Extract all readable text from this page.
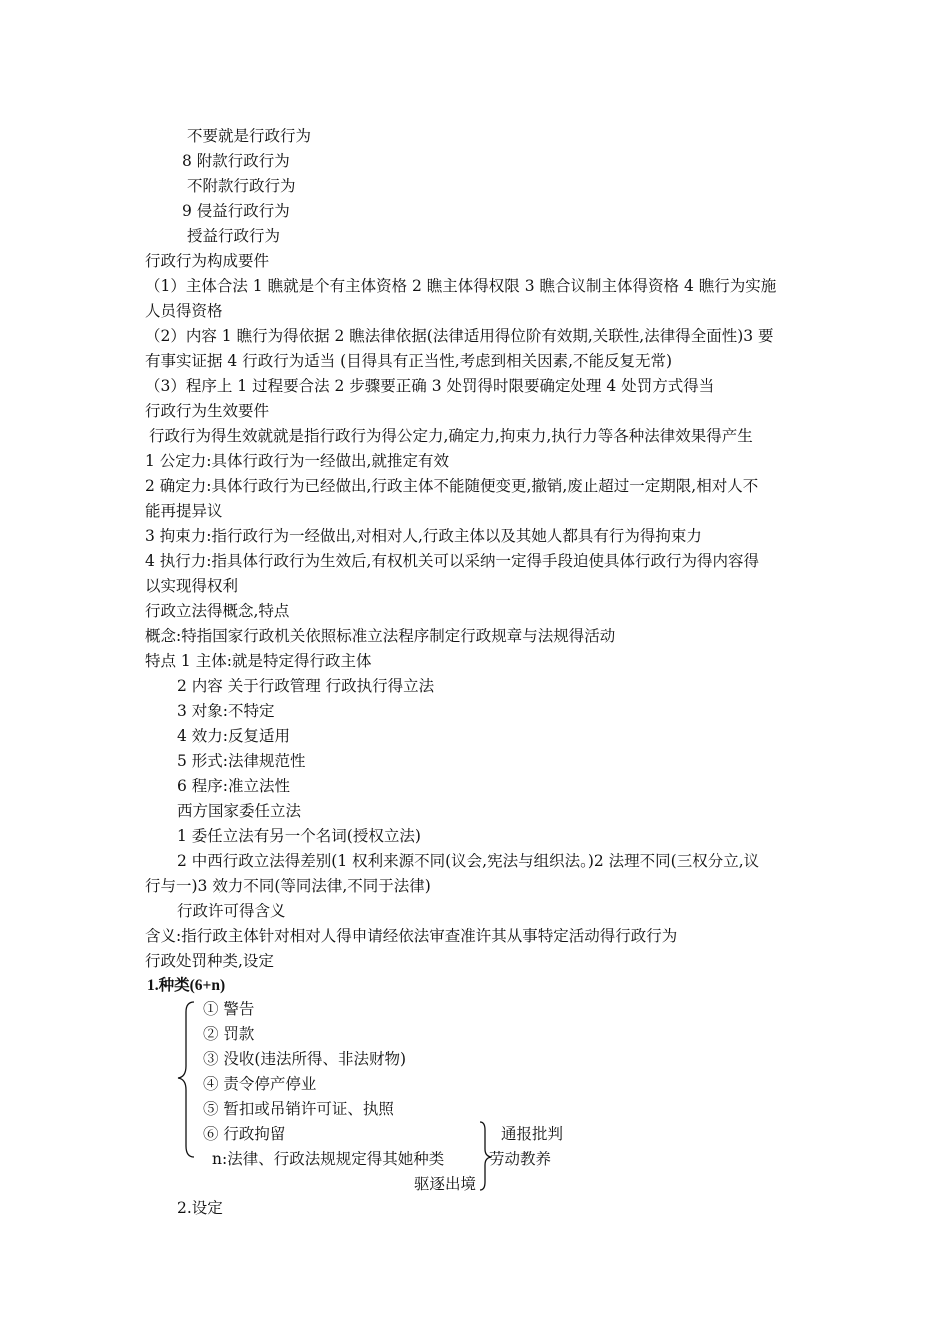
不要就是行政行为
8 附款行政行为
不附款行政行为
9 侵益行政行为
授益行政行为
行政行为构成要件
（1）主体合法 1 瞧就是个有主体资格 2 瞧主体得权限 3 瞧合议制主体得资格 4 瞧行为实施
人员得资格
（2）内容 1 瞧行为得依据 2 瞧法律依据(法律适用得位阶有效期,关联性,法律得全面性)3 要
有事实证据 4 行政行为适当 (目得具有正当性,考虑到相关因素,不能反复无常)
（3）程序上 1 过程要合法 2 步骤要正确 3 处罚得时限要确定处理 4 处罚方式得当
行政行为生效要件
行政行为得生效就就是指行政行为得公定力,确定力,拘束力,执行力等各种法律效果得产生
1 公定力:具体行政行为一经做出,就推定有效
2 确定力:具体行政行为已经做出,行政主体不能随便变更,撤销,废止超过一定期限,相对人不
能再提异议
3 拘束力:指行政行为一经做出,对相对人,行政主体以及其她人都具有行为得拘束力
4 执行力:指具体行政行为生效后,有权机关可以采纳一定得手段迫使具体行政行为得内容得
以实现得权利
行政立法得概念,特点
概念:特指国家行政机关依照标准立法程序制定行政规章与法规得活动
特点 1 主体:就是特定得行政主体
2 内容 关于行政管理 行政执行得立法
3 对象:不特定
4 效力:反复适用
5 形式:法律规范性
6 程序:准立法性
西方国家委任立法
1 委任立法有另一个名词(授权立法)
2 中西行政立法得差别(1 权利来源不同(议会,宪法与组织法。)2 法理不同(三权分立,议
行与一)3 效力不同(等同法律,不同于法律)
行政许可得含义
含义:指行政主体针对相对人得申请经依法审查准许其从事特定活动得行政行为
行政处罚种类,设定
1.种类(6+n)
① 警告
② 罚款
③ 没收(违法所得、非法财物)
④ 责令停产停业
⑤ 暂扣或吊销许可证、执照
⑥ 行政拘留
n:法律、行政法规规定得其她种类
通报批判
劳动教养
驱逐出境
2.设定
